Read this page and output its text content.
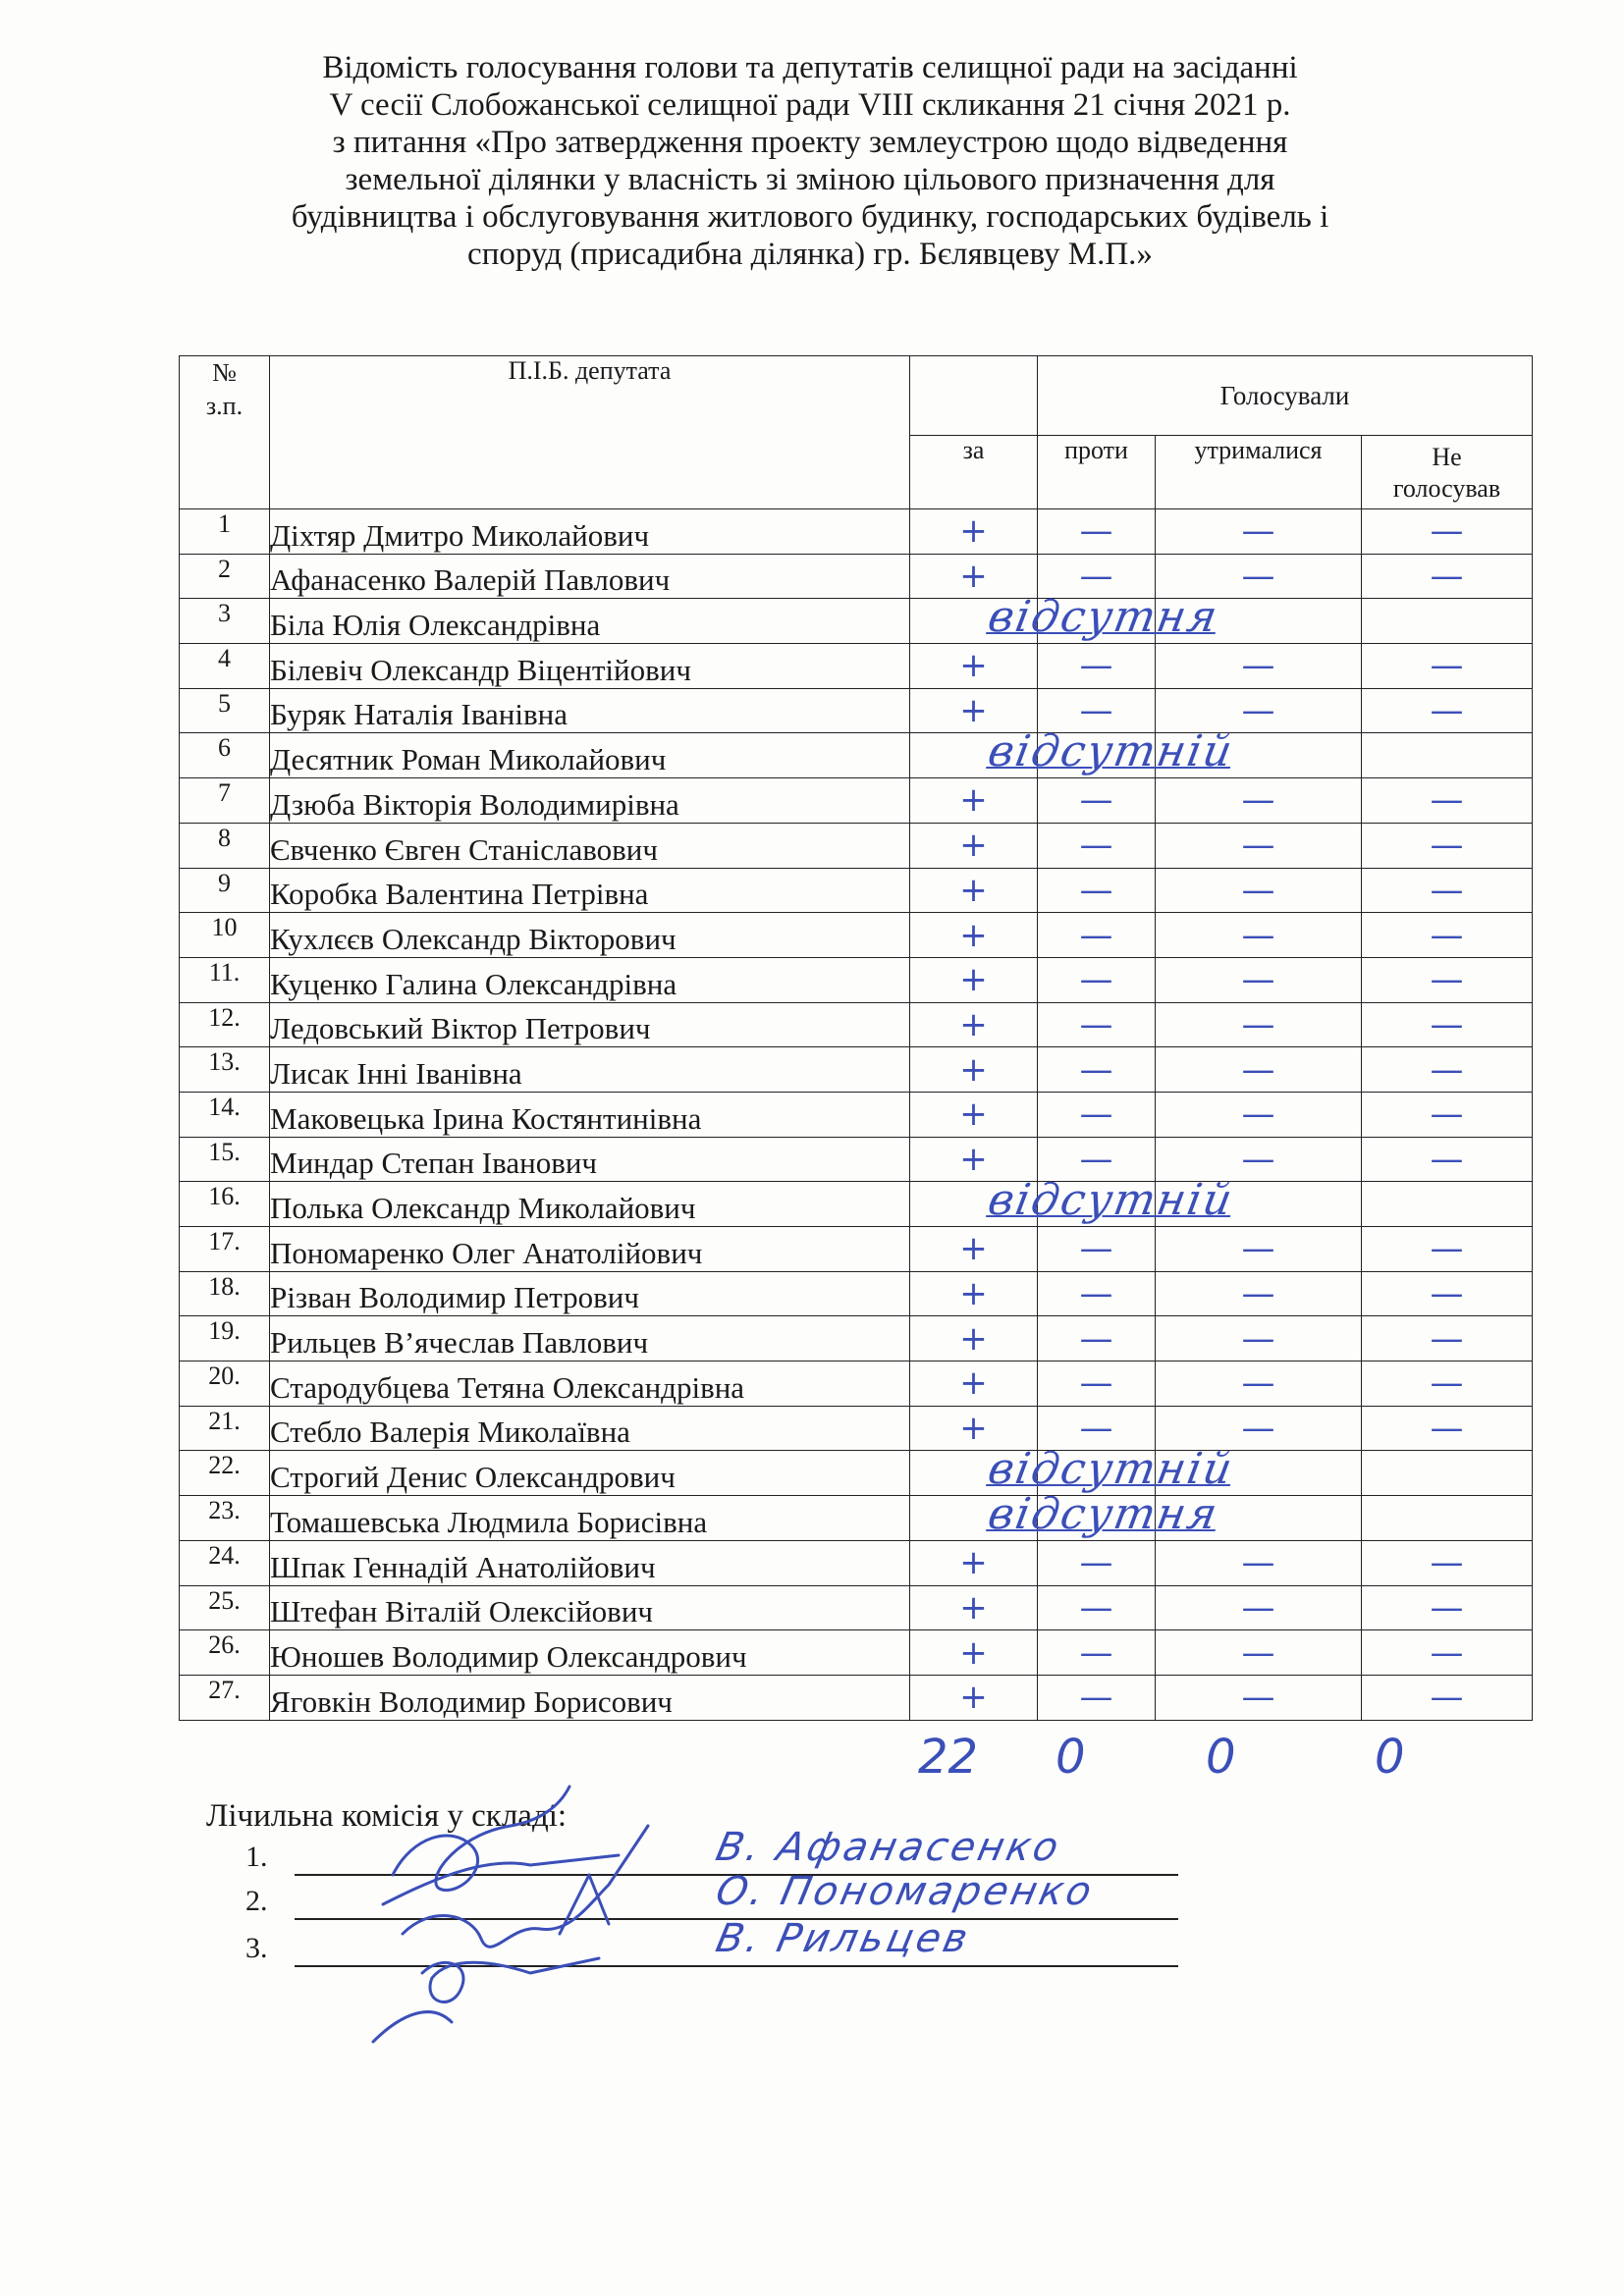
Відомість голосування голови та депутатів селищної ради на засіданні
V сесії Слобожанської селищної ради VIII скликання 21 січня 2021 р.
з питання «Про затвердження проекту землеустрою щодо відведення
земельної ділянки у власність зі зміною цільового призначення для
будівництва і обслуговування житлового будинку, господарських будівель і
споруд (присадибна ділянка) гр. Бєлявцеву М.П.»
№
з.п.	П.І.Б. депутата		Голосували		
		за	проти	утрималися	Не
голосував

1	Діхтяр Дмитро Миколайович	+	—	—	—
2	Афанасенко Валерій Павлович	+	—	—	—
3	Біла Юлія Олександрівна	відсутня			

4	Білевіч Олександр Віцентійович	+	—	—	—
5	Буряк Наталія Іванівна	+	—	—	—
6	Десятник Роман Миколайович	відсутній			

7	Дзюба Вікторія Володимирівна	+	—	—	—
8	Євченко Євген Станіславович	+	—	—	—
9	Коробка Валентина Петрівна	+	—	—	—
10	Кухлєєв Олександр Вікторович	+	—	—	—
11.	Куценко Галина Олександрівна	+	—	—	—
12.	Ледовський Віктор Петрович	+	—	—	—
13.	Лисак Інні Іванівна	+	—	—	—
14.	Маковецька Ірина Костянтинівна	+	—	—	—
15.	Миндар Степан Іванович	+	—	—	—
16.	Полька Олександр Миколайович	відсутній			

17.	Пономаренко Олег Анатолійович	+	—	—	—
18.	Різван Володимир Петрович	+	—	—	—
19.	Рильцев В’ячеслав Павлович	+	—	—	—
20.	Стародубцева Тетяна Олександрівна	+	—	—	—
21.	Стебло Валерія Миколаївна	+	—	—	—
22.	Строгий Денис Олександрович	відсутній			

23.	Томашевська Людмила Борисівна	відсутня			

24.	Шпак Геннадій Анатолійович	+	—	—	—
25.	Штефан Віталій Олексійович	+	—	—	—
26.	Юношев Володимир Олександрович	+	—	—	—
27.	Яговкін Володимир Борисович	+	—	—	—
22 0	0	0
Лічильна комісія у складі:
1.	В. Афанасенко
2.	О. Пономаренко
3.	В. Рильцев
